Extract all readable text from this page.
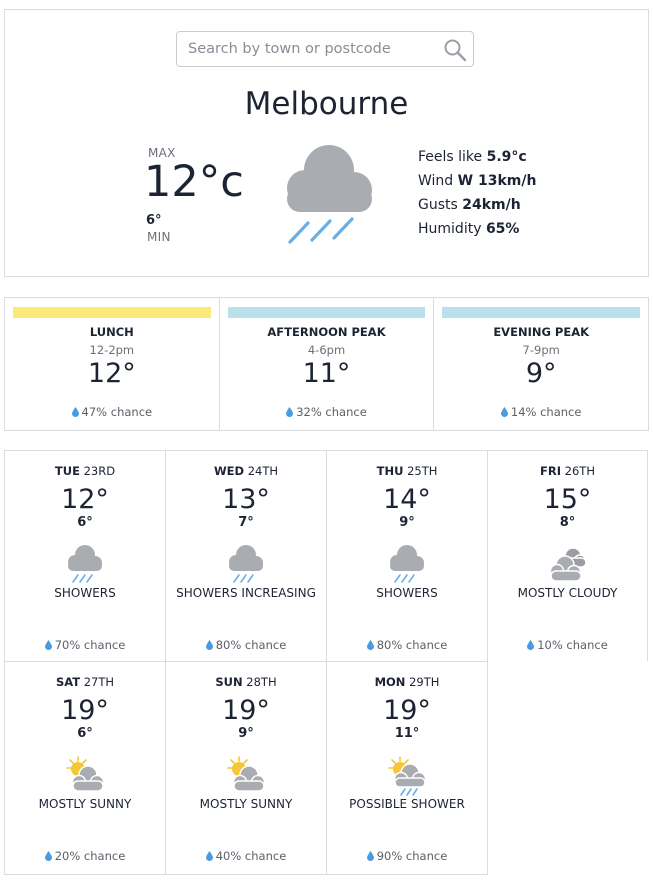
Search by town or postcode
Melbourne
MAX
12°c
6°
MIN
Feels like 5.9°c
Wind W 13km/h
Gusts 24km/h
Humidity 65%
LUNCH
12-2pm
12°
47% chance
AFTERNOON PEAK
4-6pm
11°
32% chance
EVENING PEAK
7-9pm
9°
14% chance
TUE 23RD
12°
6°
SHOWERS
70% chance
WED 24TH
13°
7°
SHOWERS INCREASING
80% chance
THU 25TH
14°
9°
SHOWERS
80% chance
FRI 26TH
15°
8°
MOSTLY CLOUDY
10% chance
SAT 27TH
19°
6°
MOSTLY SUNNY
20% chance
SUN 28TH
19°
9°
MOSTLY SUNNY
40% chance
MON 29TH
19°
11°
POSSIBLE SHOWER
90% chance
